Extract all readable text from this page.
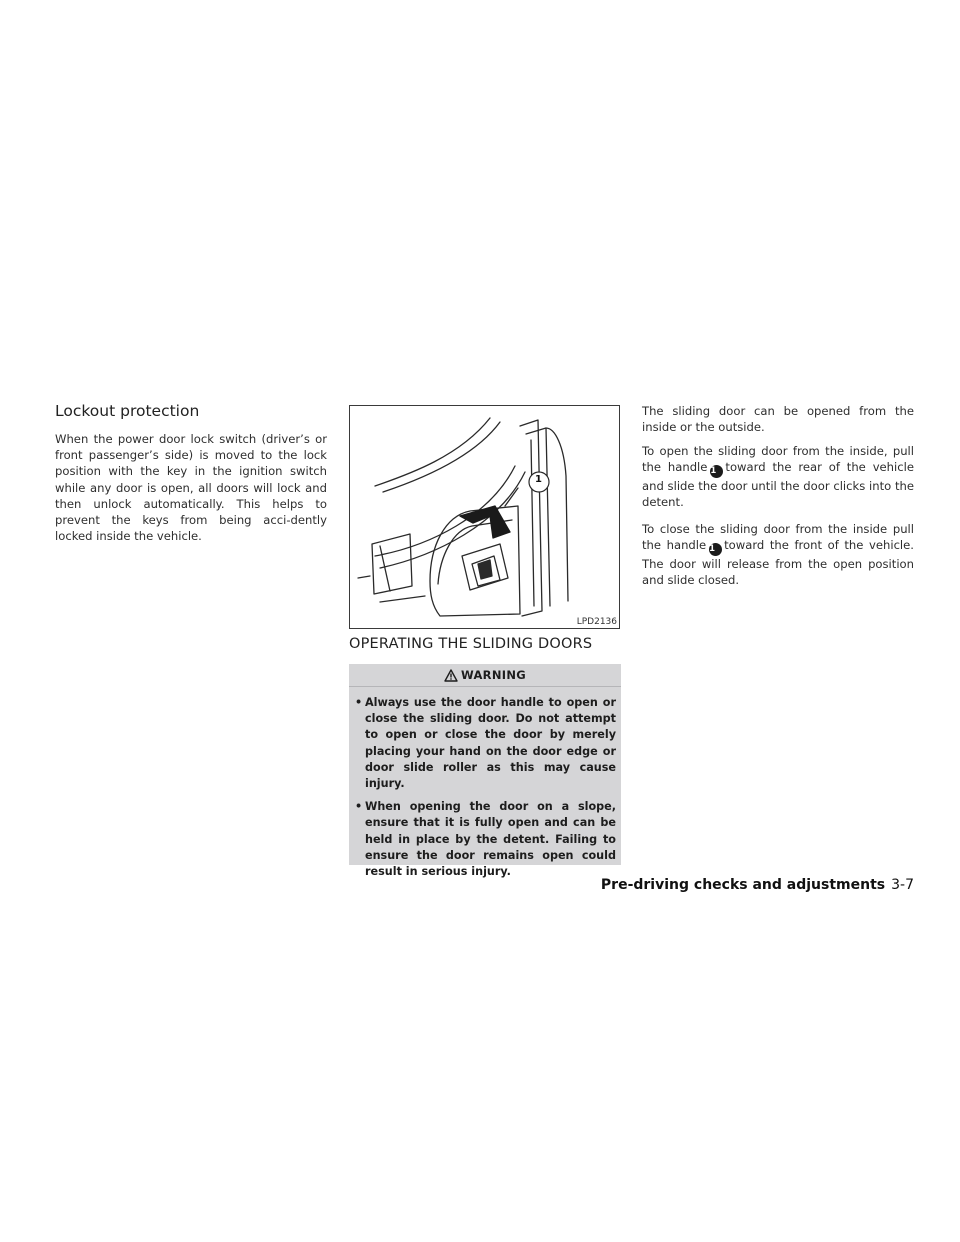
Lockout protection

When the power door lock switch (driver’s or front passenger’s side) is moved to the lock position with the key in the ignition switch while any door is open, all doors will lock and then unlock automatically. This helps to prevent the keys from being acci-dently locked inside the vehicle.

1
LPD2136
OPERATING THE SLIDING DOORS
WARNING
• Always use the door handle to open or close the sliding door. Do not attempt to open or close the door by merely placing your hand on the door edge or door slide roller as this may cause injury.
• When opening the door on a slope, ensure that it is fully open and can be held in place by the detent. Failing to ensure the door remains open could result in serious injury.

The sliding door can be opened from the inside or the outside.

To open the sliding door from the inside, pull the handle 1 toward the rear of the vehicle and slide the door until the door clicks into the detent.

To close the sliding door from the inside pull the handle 1 toward the front of the vehicle. The door will release from the open position and slide closed.

Pre-driving checks and adjustments 3-7
